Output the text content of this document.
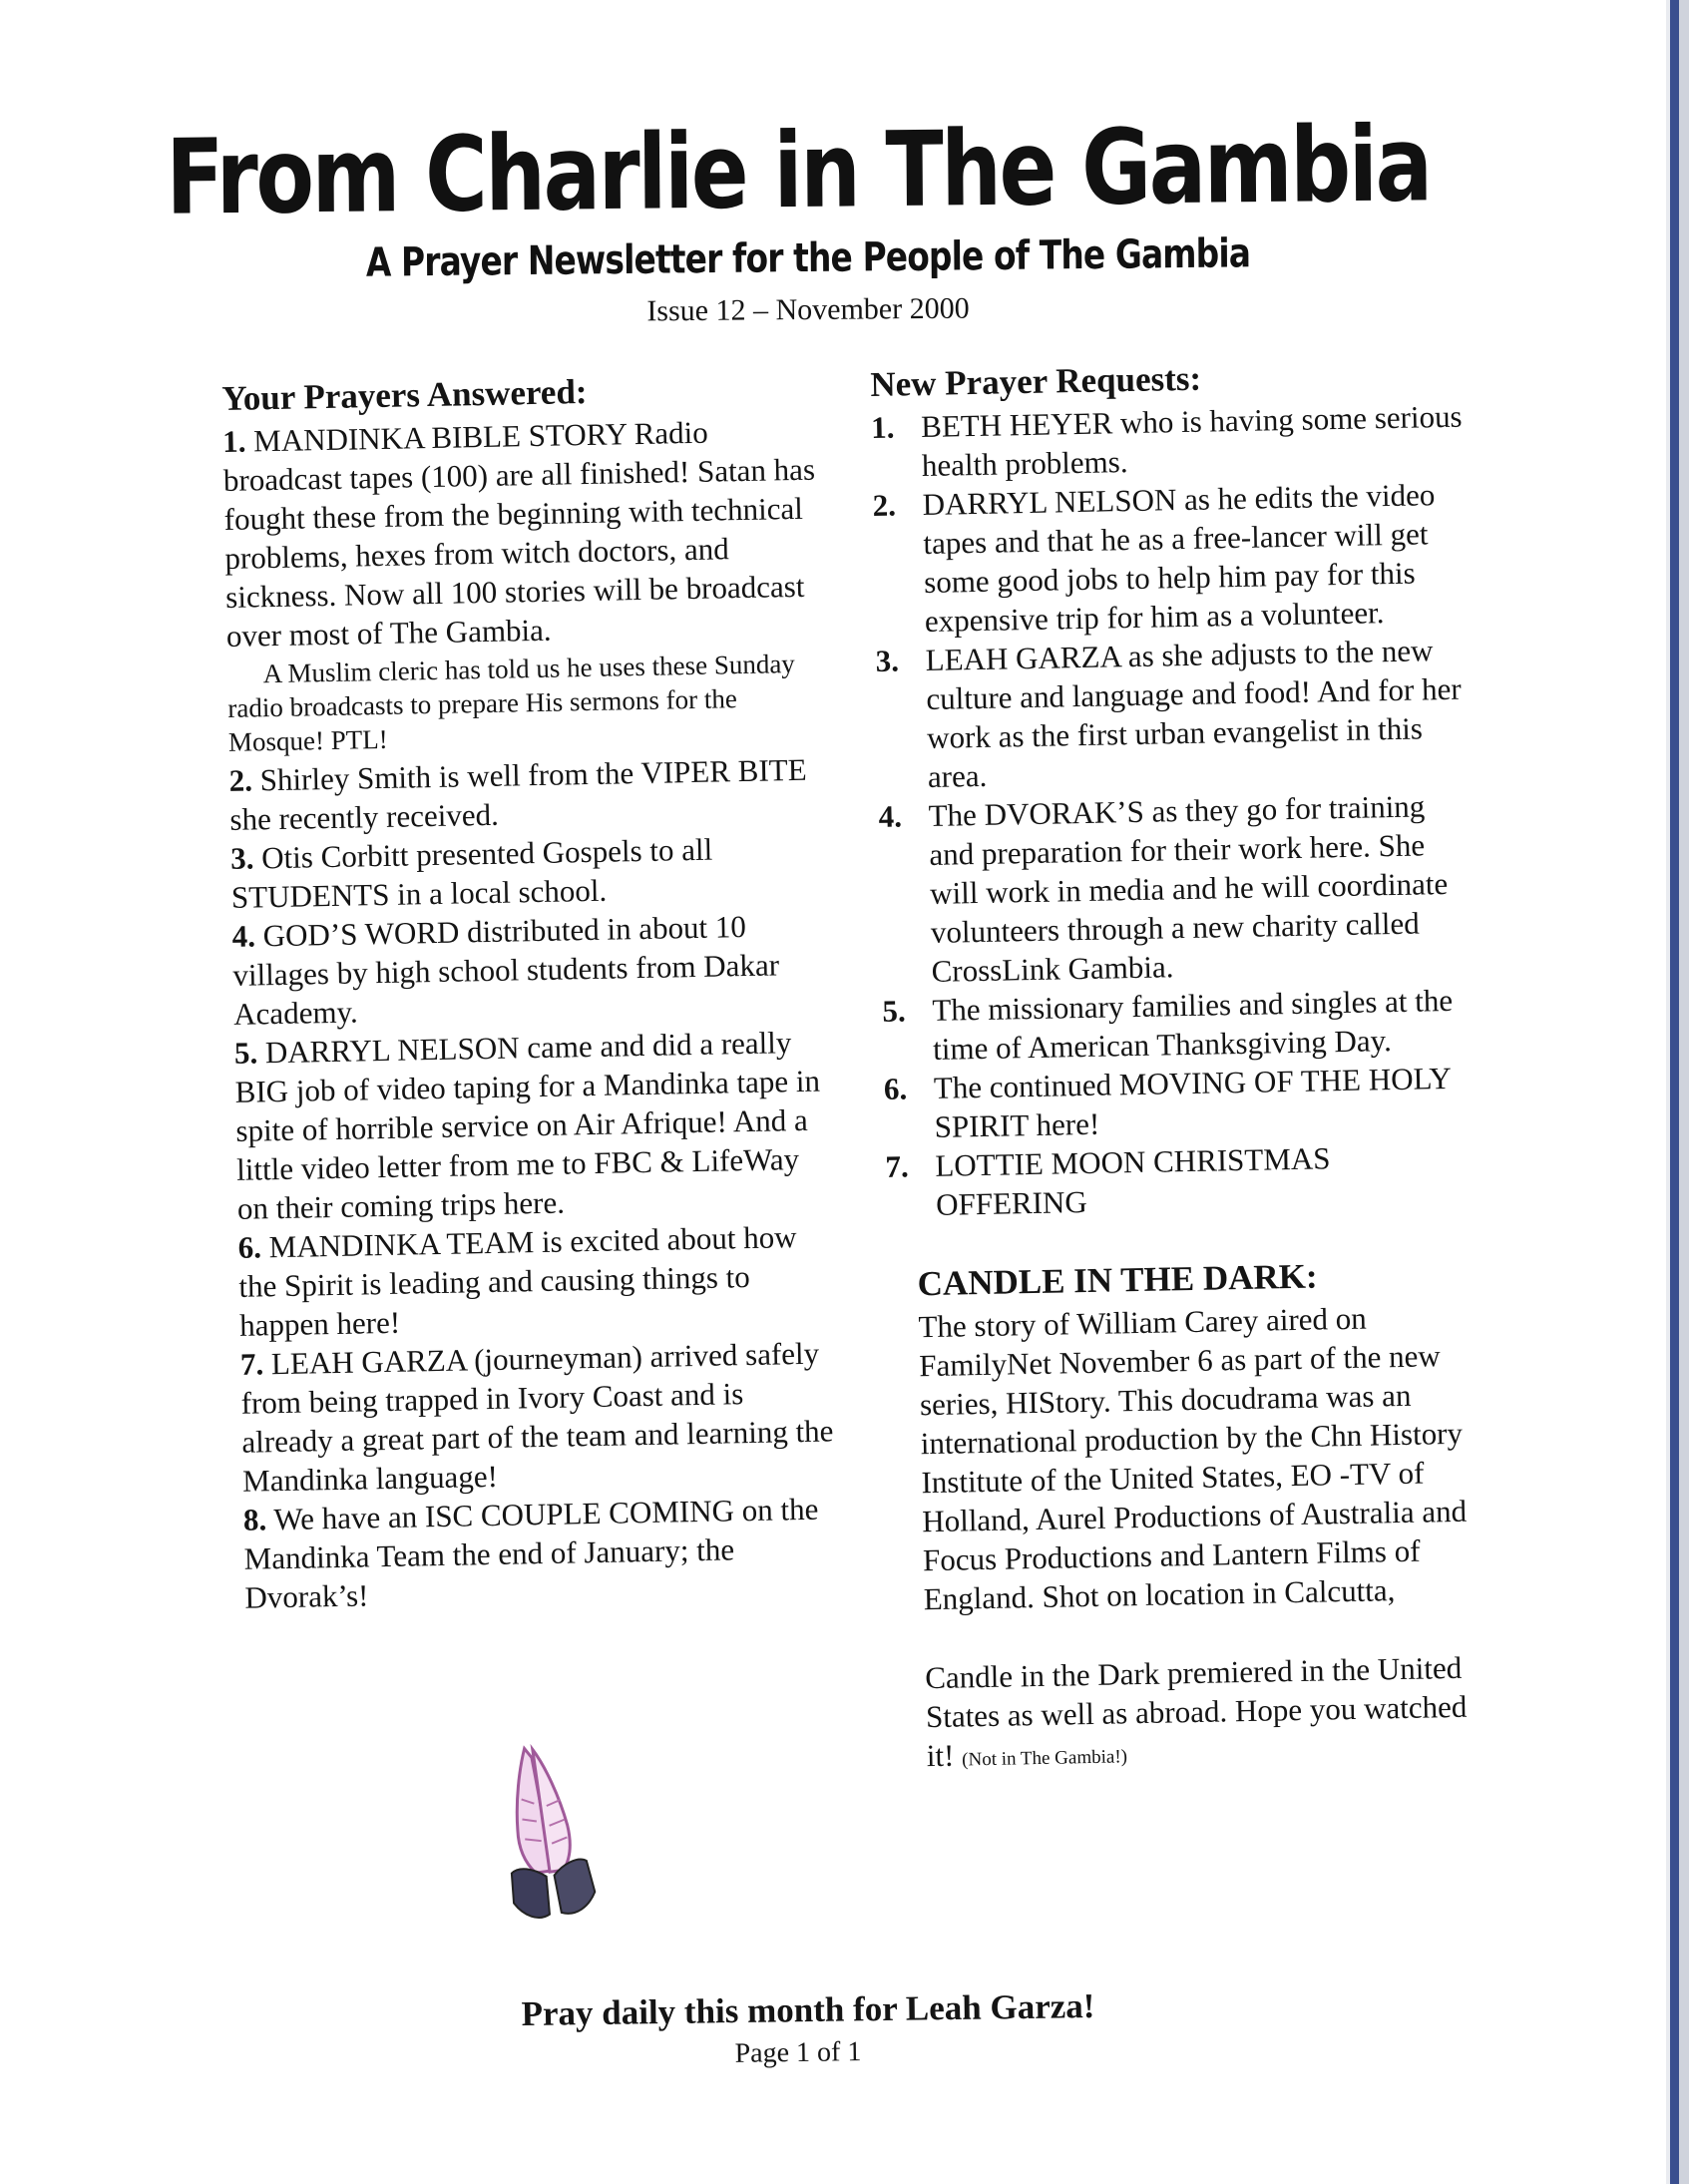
From Charlie in The Gambia
A Prayer Newsletter for the People of The Gambia
Issue 12 – November 2000
Your Prayers Answered:

1. MANDINKA BIBLE STORY Radio broadcast tapes (100) are all finished! Satan has fought these from the beginning with technical problems, hexes from witch doctors, and sickness. Now all 100 stories will be broadcast over most of The Gambia.

A Muslim cleric has told us he uses these Sunday radio broadcasts to prepare His sermons for the Mosque! PTL!

2. Shirley Smith is well from the VIPER BITE she recently received.

3. Otis Corbitt presented Gospels to all STUDENTS in a local school.

4. GOD’S WORD distributed in about 10 villages by high school students from Dakar Academy.

5. DARRYL NELSON came and did a really BIG job of video taping for a Mandinka tape in spite of horrible service on Air Afrique! And a little video letter from me to FBC & LifeWay on their coming trips here.

6. MANDINKA TEAM is excited about how the Spirit is leading and causing things to happen here!

7. LEAH GARZA (journeyman) arrived safely from being trapped in Ivory Coast and is already a great part of the team and learning the Mandinka language!

8. We have an ISC COUPLE COMING on the Mandinka Team the end of January; the Dvorak’s!

New Prayer Requests:
1. BETH HEYER who is having some serious health problems.
2. DARRYL NELSON as he edits the video tapes and that he as a free-lancer will get some good jobs to help him pay for this expensive trip for him as a volunteer.
3. LEAH GARZA as she adjusts to the new culture and language and food! And for her work as the first urban evangelist in this area.
4. The DVORAK’S as they go for training and preparation for their work here. She will work in media and he will coordinate volunteers through a new charity called CrossLink Gambia.
5. The missionary families and singles at the time of American Thanksgiving Day.
6. The continued MOVING OF THE HOLY SPIRIT here!
7. LOTTIE MOON CHRISTMAS OFFERING
CANDLE IN THE DARK:

The story of William Carey aired on FamilyNet November 6 as part of the new series, HIStory. This docudrama was an international production by the Chn History Institute of the United States, EO -TV of Holland, Aurel Productions of Australia and Focus Productions and Lantern Films of England. Shot on location in Calcutta,

Candle in the Dark premiered in the United States as well as abroad. Hope you watched it! (Not in The Gambia!)

Pray daily this month for Leah Garza!
Page 1 of 1
